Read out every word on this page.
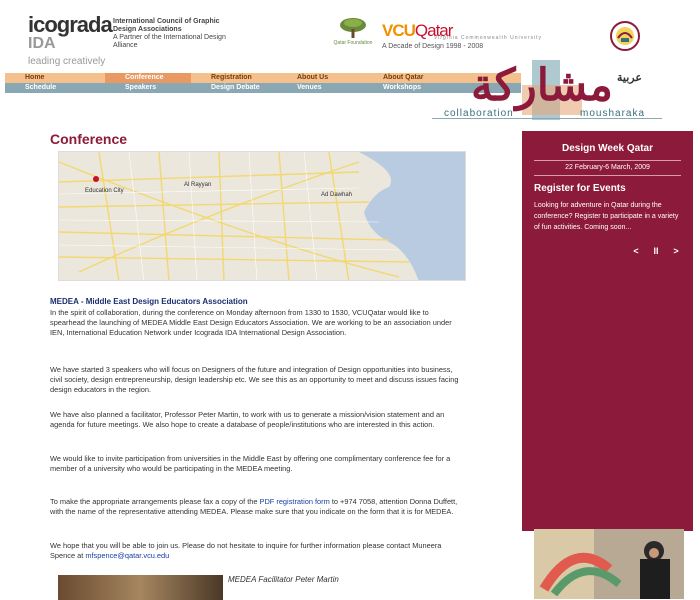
icograda
IDA
leading creatively
International Council of Graphic Design Associations
A Partner of the International Design Alliance	Qatar Foundation
VCUQatar
Virginia Commonwealth University
A Decade of Design 1998 - 2008
Home	Conference	Registration	About Us	About Qatar
Schedule	Speakers	Design Debate	Venues	Workshops
عربية
مشاركة
collaboration	mousharaka
Conference
Education City
Al Rayyan
Ad Dawhah
MEDEA - Middle East Design Educators Association
In the spirit of collaboration, during the conference on Monday afternoon from 1330 to 1530, VCUQatar would like to spearhead the launching of MEDEA Middle East Design Educators Association. We are working to be an association under IEN, International Education Network under Icograda IDA International Design Association.
We have started 3 speakers who will focus on Designers of the future and integration of Design opportunities into business, civil society, design entrepreneurship, design leadership etc. We see this as an opportunity to meet and discuss issues facing design educators in the region.
We have also planned a facilitator, Professor Peter Martin, to work with us to generate a mission/vision statement and an agenda for future meetings. We also hope to create a database of people/institutions who are interested in this action.
We would like to invite participation from universities in the Middle East by offering one complimentary conference fee for a member of a university who would be participating in the MEDEA meeting.
To make the appropriate arrangements please fax a copy of the PDF registration form to +974 7058, attention Donna Duffett, with the name of the representative attending MEDEA. Please make sure that you indicate on the form that it is for MEDEA.
We hope that you will be able to join us. Please do not hesitate to inquire for further information please contact Muneera Spence at mfspence@qatar.vcu.edu
MEDEA Facilitator Peter Martin
Design Week Qatar
22 February-6 March, 2009
Register for Events
Looking for adventure in Qatar during the conference? Register to participate in a variety of fun activities. Coming soon...
< II >
